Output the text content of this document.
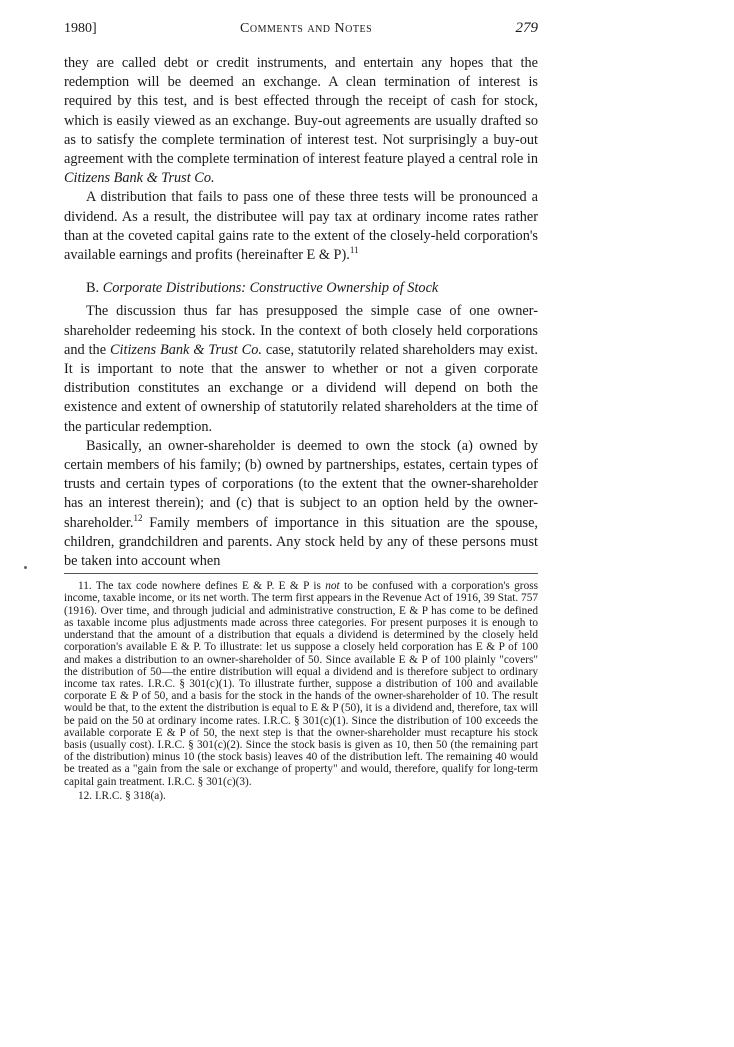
1980]	Comments and Notes	279

they are called debt or credit instruments, and entertain any hopes that the redemption will be deemed an exchange. A clean termination of interest is required by this test, and is best effected through the receipt of cash for stock, which is easily viewed as an exchange. Buy-out agreements are usually drafted so as to satisfy the complete termination of interest test. Not surprisingly a buy-out agreement with the complete termination of interest feature played a central role in Citizens Bank & Trust Co.

A distribution that fails to pass one of these three tests will be pronounced a dividend. As a result, the distributee will pay tax at ordinary income rates rather than at the coveted capital gains rate to the extent of the closely-held corporation's available earnings and profits (hereinafter E & P).$^{11}$

B. Corporate Distributions: Constructive Ownership of Stock

The discussion thus far has presupposed the simple case of one owner-shareholder redeeming his stock. In the context of both closely held corporations and the Citizens Bank & Trust Co. case, statutorily related shareholders may exist. It is important to note that the answer to whether or not a given corporate distribution constitutes an exchange or a dividend will depend on both the existence and extent of ownership of statutorily related shareholders at the time of the particular redemption.

Basically, an owner-shareholder is deemed to own the stock (a) owned by certain members of his family; (b) owned by partnerships, estates, certain types of trusts and certain types of corporations (to the extent that the owner-shareholder has an interest therein); and (c) that is subject to an option held by the owner-shareholder.$^{12}$ Family members of importance in this situation are the spouse, children, grandchildren and parents. Any stock held by any of these persons must be taken into account when

11. The tax code nowhere defines E & P. E & P is not to be confused with a corporation's gross income, taxable income, or its net worth. The term first appears in the Revenue Act of 1916, 39 Stat. 757 (1916). Over time, and through judicial and administrative construction, E & P has come to be defined as taxable income plus adjustments made across three categories. For present purposes it is enough to understand that the amount of a distribution that equals a dividend is determined by the closely held corporation's available E & P. To illustrate: let us suppose a closely held corporation has E & P of 100 and makes a distribution to an owner-shareholder of 50. Since available E & P of 100 plainly "covers" the distribution of 50—the entire distribution will equal a dividend and is therefore subject to ordinary income tax rates. I.R.C. § 301(c)(1). To illustrate further, suppose a distribution of 100 and available corporate E & P of 50, and a basis for the stock in the hands of the owner-shareholder of 10. The result would be that, to the extent the distribution is equal to E & P (50), it is a dividend and, therefore, tax will be paid on the 50 at ordinary income rates. I.R.C. § 301(c)(1). Since the distribution of 100 exceeds the available corporate E & P of 50, the next step is that the owner-shareholder must recapture his stock basis (usually cost). I.R.C. § 301(c)(2). Since the stock basis is given as 10, then 50 (the remaining part of the distribution) minus 10 (the stock basis) leaves 40 of the distribution left. The remaining 40 would be treated as a "gain from the sale or exchange of property" and would, therefore, qualify for long-term capital gain treatment. I.R.C. § 301(c)(3).

12. I.R.C. § 318(a).
